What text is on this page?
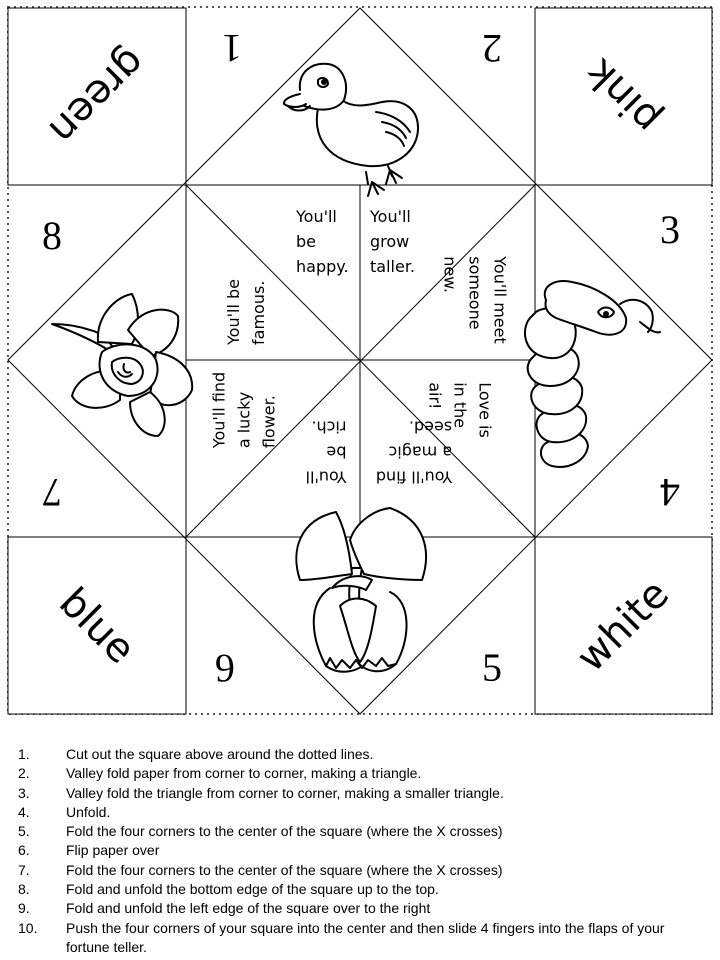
green	pink
blue	white
1	2
3
4
5
6
7
8	You'll
be
happy.
You'll
grow
taller.	You'll meet
someone
new.
Love is
in the
air!
You'll find
a magic
seed.
You'll
be
rich.
You'll find
a lucky
flower.
You'll be
famous.
1.	Cut out the square above around the dotted lines.
2.	Valley fold paper from corner to corner, making a triangle.
3.	Valley fold the triangle from corner to corner, making a smaller triangle.
4.	Unfold.
5.	Fold the four corners to the center of the square (where the X crosses)
6.	Flip paper over
7.	Fold the four corners to the center of the square (where the X crosses)
8.	Fold and unfold the bottom edge of the square up to the top.
9.	Fold and unfold the left edge of the square over to the right
10. Push the four corners of your square into the center and then slide 4 fingers into the flaps of your fortune teller.
